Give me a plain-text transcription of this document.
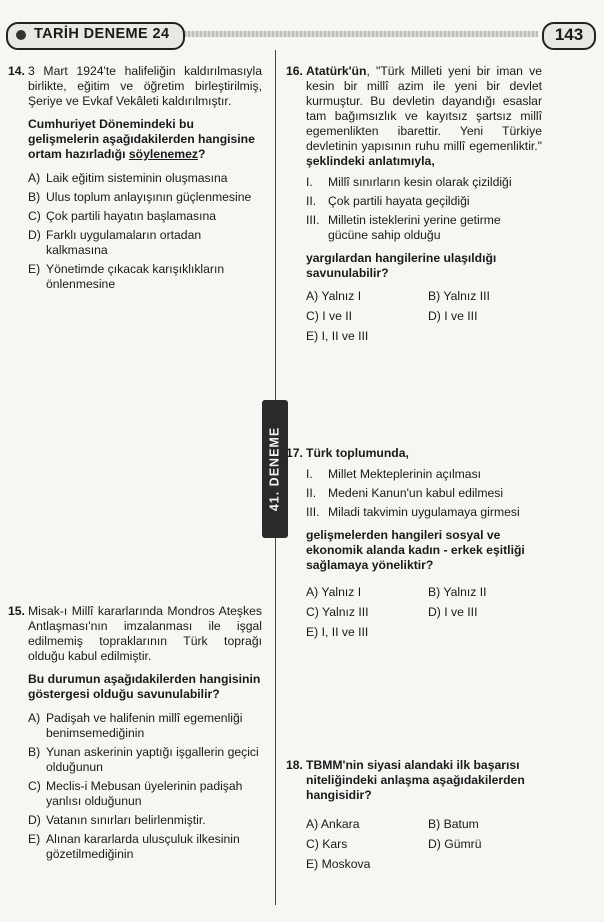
TARİH DENEME 24	143
41. DENEME
14. 3 Mart 1924'te halifeliğin kaldırılmasıyla birlikte, eğitim ve öğretim birleştirilmiş, Şeriye ve Evkaf Vekâleti kaldırılmıştır.

Cumhuriyet Dönemindeki bu gelişmelerin aşağıdakilerden hangisine ortam hazırladığı söylenemez?

A) Laik eğitim sisteminin oluşmasına
B) Ulus toplum anlayışının güçlenmesine
C) Çok partili hayatın başlamasına
D) Farklı uygulamaların ortadan kalkmasına
E) Yönetimde çıkacak karışıklıkların önlenmesine
15. Misak-ı Millî kararlarında Mondros Ateşkes Antlaşması'nın imzalanması ile işgal edilmemiş topraklarının Türk toprağı olduğu kabul edilmiştir.

Bu durumun aşağıdakilerden hangisinin göstergesi olduğu savunulabilir?

A) Padişah ve halifenin millî egemenliği benimsemediğinin
B) Yunan askerinin yaptığı işgallerin geçici olduğunun
C) Meclis-i Mebusan üyelerinin padişah yanlısı olduğunun
D) Vatanın sınırları belirlenmiştir.
E) Alınan kararlarda ulusçuluk ilkesinin gözetilmediğinin
16. Atatürk'ün, "Türk Milleti yeni bir iman ve kesin bir millî azim ile yeni bir devlet kurmuştur. Bu devletin dayandığı esaslar tam bağımsızlık ve kayıtsız şartsız millî egemenlikten ibarettir. Yeni Türkiye devletinin yapısının ruhu millî egemenliktir." şeklindeki anlatımıyla,

I.	Millî sınırların kesin olarak çizildiği
II. Çok partili hayata geçildiği
III. Milletin isteklerini yerine getirme gücüne sahip olduğu

yargılardan hangilerine ulaşıldığı savunulabilir?

A) Yalnız I	B) Yalnız III
C) I ve II	D) I ve III
E) I, II ve III
17. Türk toplumunda,

I.	Millet Mekteplerinin açılması
II. Medeni Kanun'un kabul edilmesi
III. Miladi takvimin uygulamaya girmesi

gelişmelerden hangileri sosyal ve ekonomik alanda kadın - erkek eşitliği sağlamaya yöneliktir?

A) Yalnız I	B) Yalnız II
C) Yalnız III	D) I ve III
E) I, II ve III
18. TBMM'nin siyasi alandaki ilk başarısı niteliğindeki anlaşma aşağıdakilerden hangisidir?

A) Ankara	B) Batum
C) Kars	D) Gümrü
E) Moskova
